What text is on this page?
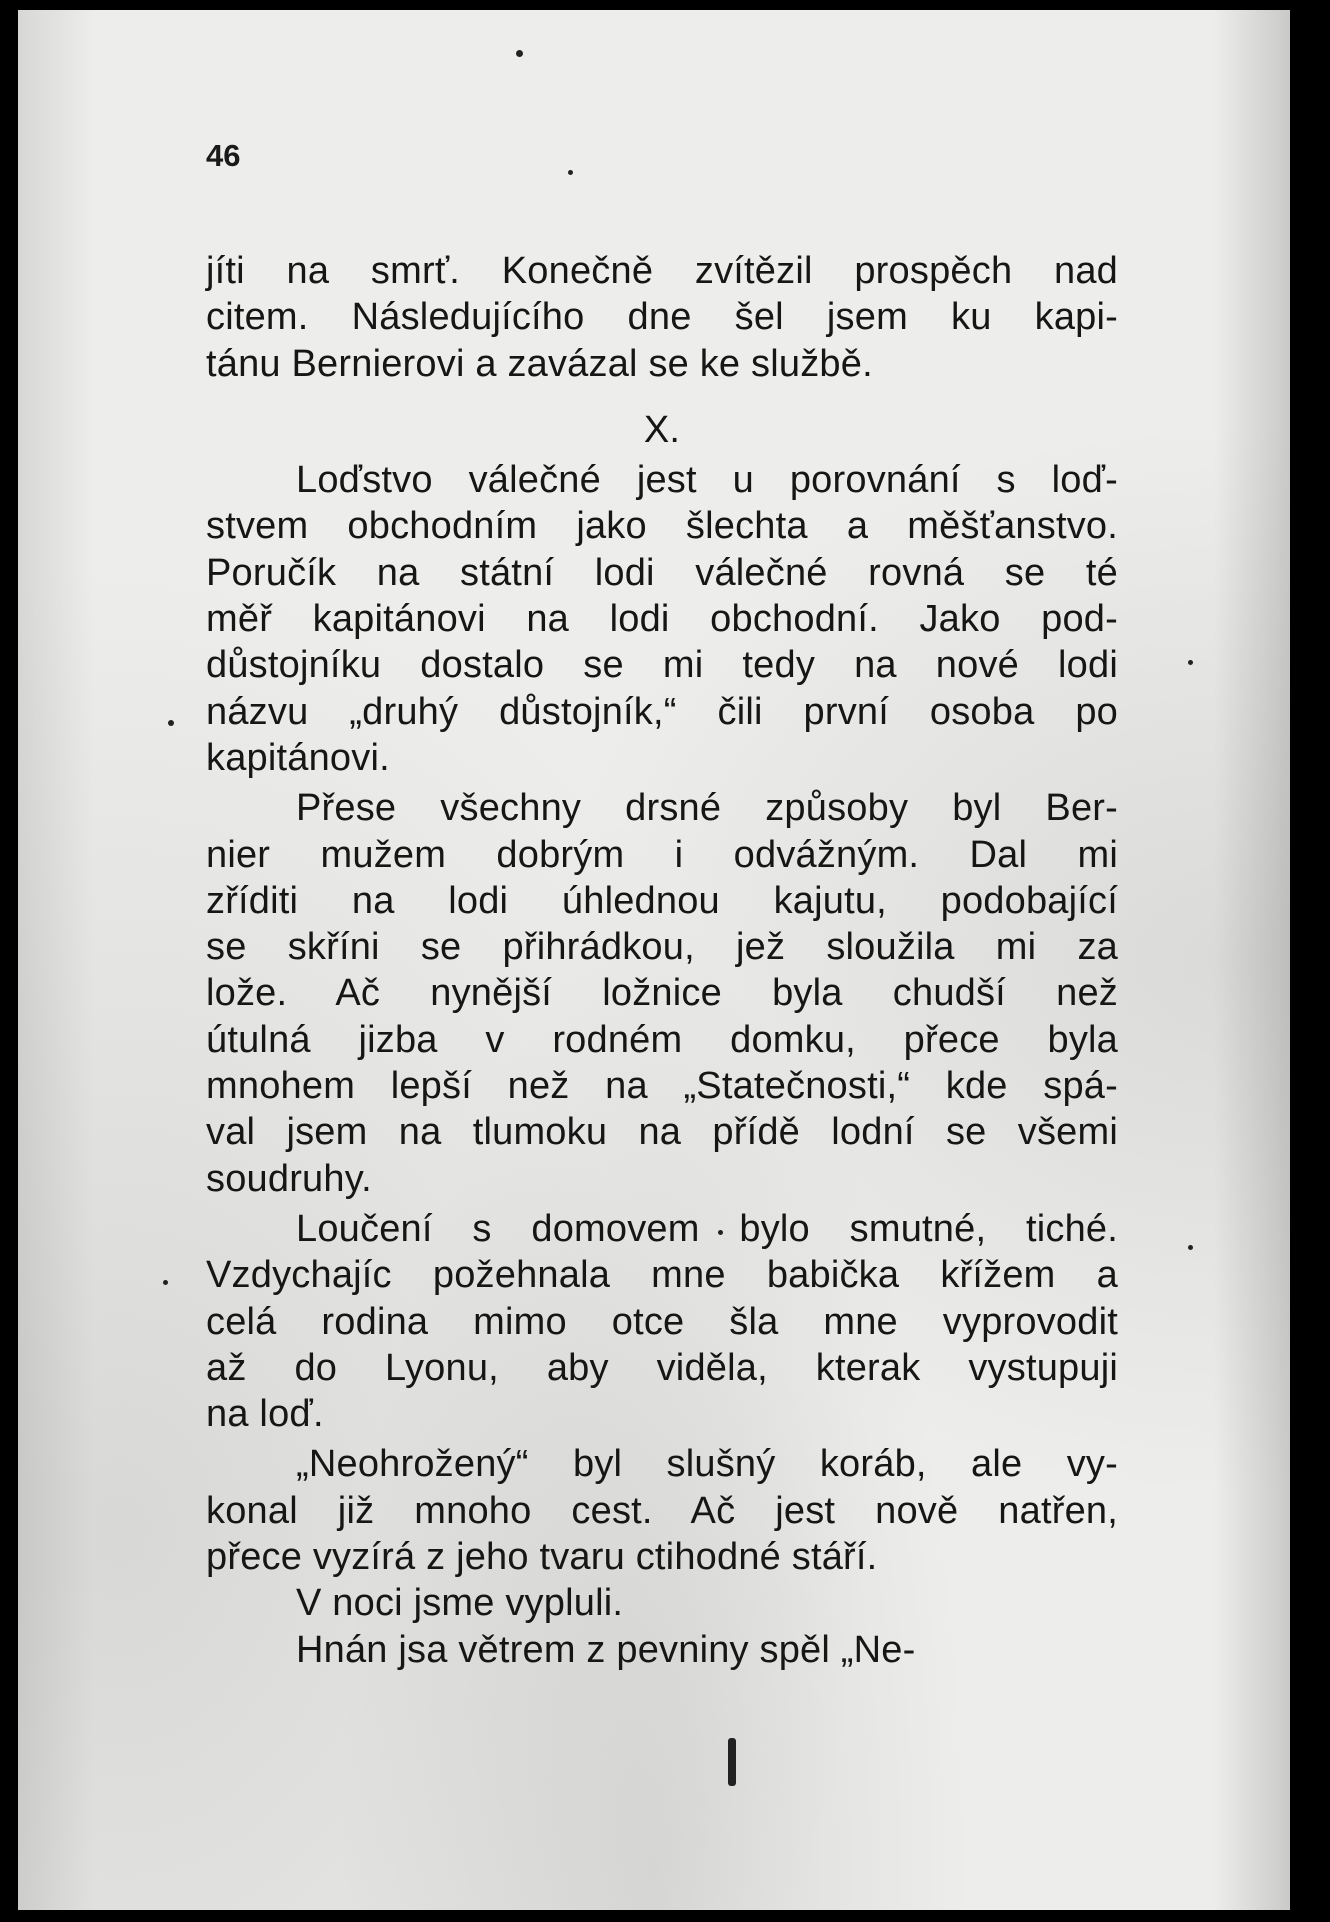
46
jíti na smrť. Konečně zvítězil prospěch nad
citem. Následujícího dne šel jsem ku kapi-
tánu Bernierovi a zavázal se ke službě.
X.
Loďstvo válečné jest u porovnání s loď-
stvem obchodním jako šlechta a měšťanstvo.
Poručík na státní lodi válečné rovná se té
měř kapitánovi na lodi obchodní. Jako pod-
důstojníku dostalo se mi tedy na nové lodi
názvu „druhý důstojník,“ čili první osoba po
kapitánovi.
Přese všechny drsné způsoby byl Ber-
nier mužem dobrým i odvážným. Dal mi
zříditi na lodi úhlednou kajutu, podobající
se skříni se přihrádkou, jež sloužila mi za
lože. Ač nynější ložnice byla chudší než
útulná jizba v rodném domku, přece byla
mnohem lepší než na „Statečnosti,“ kde spá-
val jsem na tlumoku na přídě lodní se všemi
soudruhy.
Loučení s domovem bylo smutné, tiché.
Vzdychajíc požehnala mne babička křížem a
celá rodina mimo otce šla mne vyprovodit
až do Lyonu, aby viděla, kterak vystupuji
na loď.
„Neohrožený“ byl slušný koráb, ale vy-
konal již mnoho cest. Ač jest nově natřen,
přece vyzírá z jeho tvaru ctihodné stáří.
V noci jsme vypluli.
Hnán jsa větrem z pevniny spěl „Ne-
